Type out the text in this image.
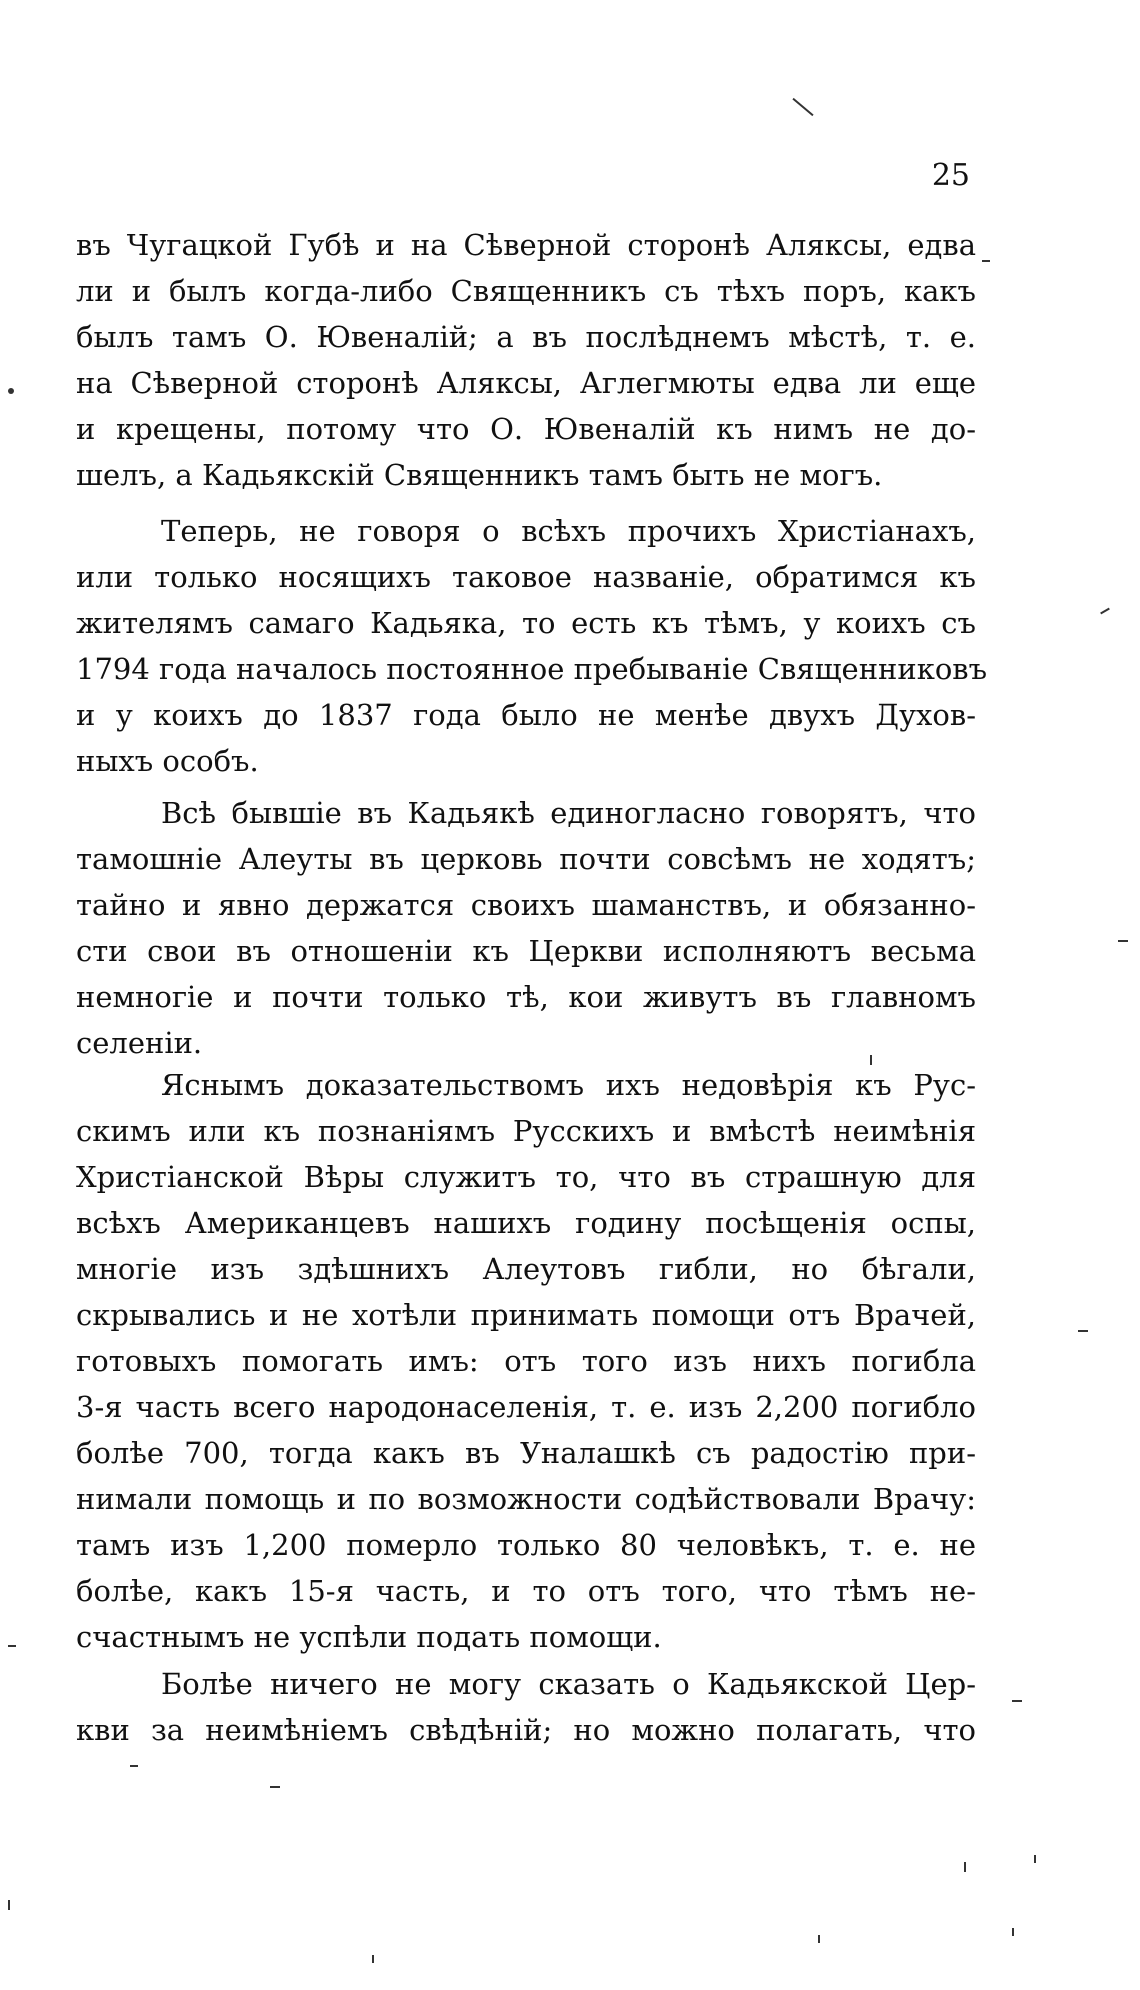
25
въ Чугацкой Губѣ и на Сѣверной сторонѣ Аляксы, едва
ли и былъ когда-либо Священникъ съ тѣхъ поръ, какъ
былъ тамъ О. Ювеналій; а въ послѣднемъ мѣстѣ, т. е.
на Сѣверной сторонѣ Аляксы, Аглегмюты едва ли еще
и крещены, потому что О. Ювеналій къ нимъ не до-
шелъ, а Кадьякскій Священникъ тамъ быть не могъ.
Теперь, не говоря о всѣхъ прочихъ Христіанахъ,
или только носящихъ таковое названіе, обратимся къ
жителямъ самаго Кадьяка, то есть къ тѣмъ, у коихъ съ
1794 года началось постоянное пребываніе Священниковъ
и у коихъ до 1837 года было не менѣе двухъ Духов-
ныхъ особъ.
Всѣ бывшіе въ Кадьякѣ единогласно говорятъ, что
тамошніе Алеуты въ церковь почти совсѣмъ не ходятъ;
тайно и явно держатся своихъ шаманствъ, и обязанно-
сти свои въ отношеніи къ Церкви исполняютъ весьма
немногіе и почти только тѣ, кои живутъ въ главномъ
селеніи.
Яснымъ доказательствомъ ихъ недовѣрія къ Рус-
скимъ или къ познаніямъ Русскихъ и вмѣстѣ неимѣнія
Христіанской Вѣры служитъ то, что въ страшную для
всѣхъ Американцевъ нашихъ годину посѣщенія оспы,
многіе изъ здѣшнихъ Алеутовъ гибли, но бѣгали,
скрывались и не хотѣли принимать помощи отъ Врачей,
готовыхъ помогать имъ: отъ того изъ нихъ погибла
3-я часть всего народонаселенія, т. е. изъ 2,200 погибло
болѣе 700, тогда какъ въ Уналашкѣ съ радостію при-
нимали помощь и по возможности содѣйствовали Врачу:
тамъ изъ 1,200 померло только 80 человѣкъ, т. е. не
болѣе, какъ 15-я часть, и то отъ того, что тѣмъ не-
счастнымъ не успѣли подать помощи.
Болѣе ничего не могу сказать о Кадьякской Цер-
кви за неимѣніемъ свѣдѣній; но можно полагать, что
